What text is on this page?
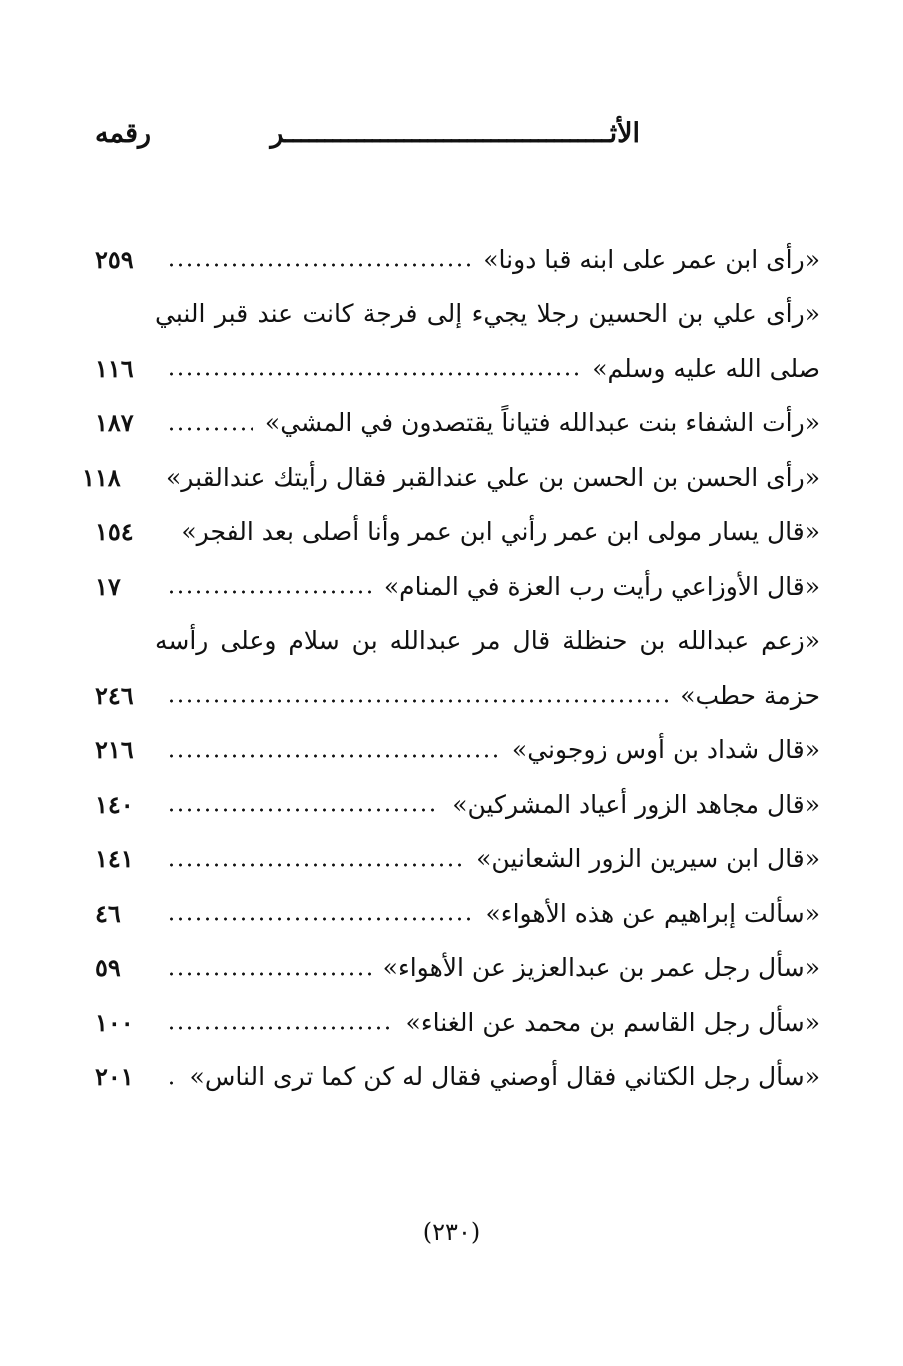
الأثـــــــــــــــــــــــــــــــــــــــــر
رقمه
«رأى ابن عمر على ابنه قبا دونا»
٢٥٩
«رأى علي بن الحسين رجلا يجيء إلى فرجة كانت عند قبر النبي
صلى الله عليه وسلم»
١١٦
«رأت الشفاء بنت عبدالله فتياناً يقتصدون في المشي»
١٨٧
«رأى الحسن بن الحسن بن علي عندالقبر فقال رأيتك عندالقبر»
١١٨
«قال يسار مولى ابن عمر رأني ابن عمر وأنا أصلى بعد الفجر»
١٥٤
«قال الأوزاعي رأيت رب العزة في المنام»
١٧
«زعم عبدالله بن حنظلة قال مر عبدالله بن سلام وعلى رأسه
حزمة حطب»
٢٤٦
«قال شداد بن أوس زوجوني»
٢١٦
«قال مجاهد الزور أعياد المشركين»
١٤٠
«قال ابن سيرين الزور الشعانين»
١٤١
«سألت إبراهيم عن هذه الأهواء»
٤٦
«سأل رجل عمر بن عبدالعزيز عن الأهواء»
٥٩
«سأل رجل القاسم بن محمد عن الغناء»
١٠٠
«سأل رجل الكتاني فقال أوصني فقال له كن كما ترى الناس»
٢٠١
(٢٣٠)
